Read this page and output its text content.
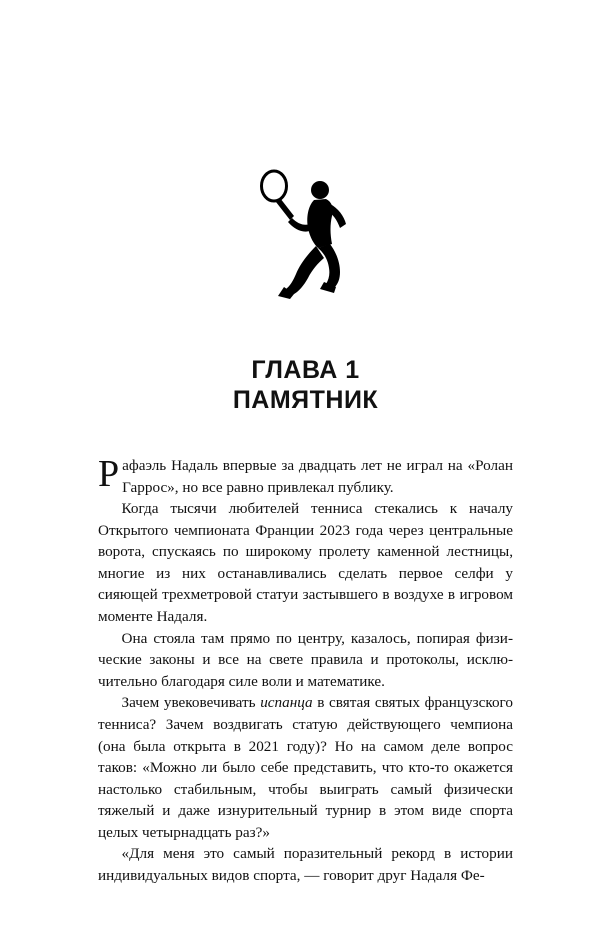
ГЛАВА 1
ПАМЯТНИК

Рафаэль Надаль впервые за двадцать лет не играл на «Ролан Гаррос», но все равно привлекал публику.

Когда тысячи любителей тенниса стекались к началу Открытого чемпионата Франции 2023 года через центральные ворота, спускаясь по широкому пролету каменной лестницы, многие из них останавливались сделать первое селфи у сияющей трехметровой статуи застывшего в воздухе в игровом моменте Надаля.

Она стояла там прямо по центру, казалось, попирая физические законы и все на свете правила и протоколы, исключительно благодаря силе воли и математике.

Зачем увековечивать испанца в святая святых французского тенниса? Зачем воздвигать статую действующего чемпиона (она была открыта в 2021 году)? Но на самом деле вопрос таков: «Можно ли было себе представить, что кто-то окажется настолько стабильным, чтобы выиграть самый физически тяжелый и даже изнурительный турнир в этом виде спорта целых четырнадцать раз?»

«Для меня это самый поразительный рекорд в истории индивидуальных видов спорта, — говорит друг Надаля Фе-
